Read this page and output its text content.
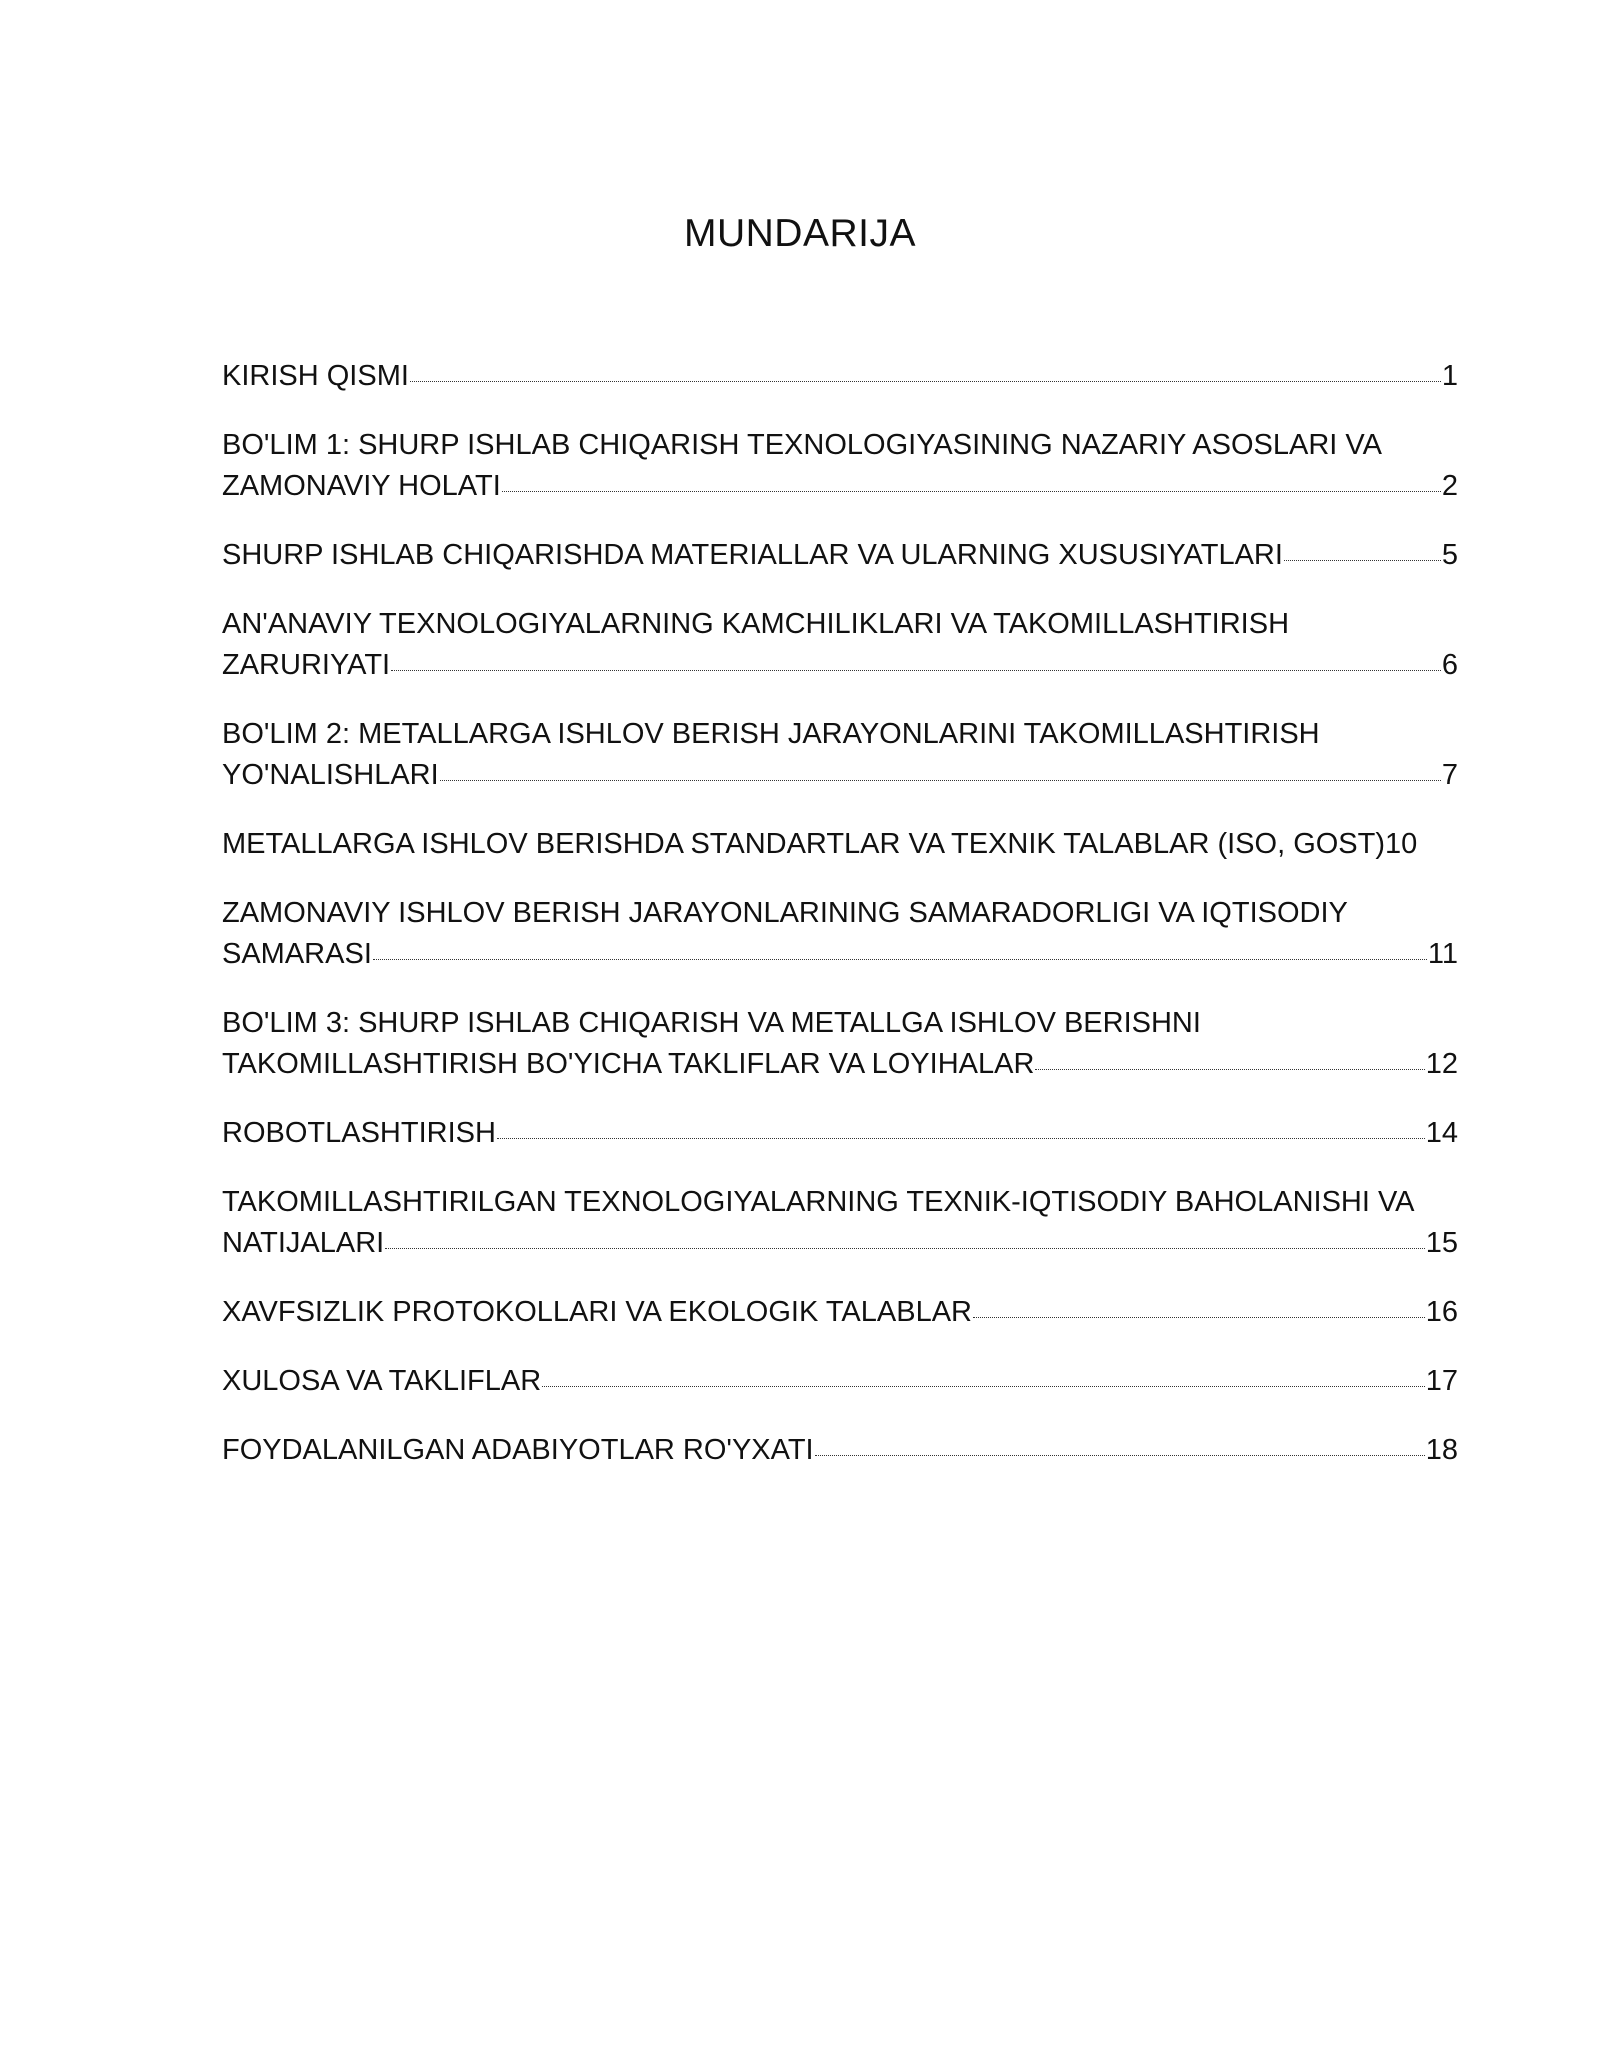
MUNDARIJA
KIRISH QISMI	1
BO'LIM 1: SHURP ISHLAB CHIQARISH TEXNOLOGIYASINING NAZARIY ASOSLARI VA
ZAMONAVIY HOLATI	2
SHURP ISHLAB CHIQARISHDA MATERIALLAR VA ULARNING XUSUSIYATLARI	5
AN'ANAVIY TEXNOLOGIYALARNING KAMCHILIKLARI VA TAKOMILLASHTIRISH
ZARURIYATI	6
BO'LIM 2: METALLARGA ISHLOV BERISH JARAYONLARINI TAKOMILLASHTIRISH
YO'NALISHLARI	7
METALLARGA ISHLOV BERISHDA STANDARTLAR VA TEXNIK TALABLAR (ISO, GOST) 10
ZAMONAVIY ISHLOV BERISH JARAYONLARINING SAMARADORLIGI VA IQTISODIY
SAMARASI	11
BO'LIM 3: SHURP ISHLAB CHIQARISH VA METALLGA ISHLOV BERISHNI
TAKOMILLASHTIRISH BO'YICHA TAKLIFLAR VA LOYIHALAR	12
ROBOTLASHTIRISH	14
TAKOMILLASHTIRILGAN TEXNOLOGIYALARNING TEXNIK-IQTISODIY BAHOLANISHI VA
NATIJALARI	15
XAVFSIZLIK PROTOKOLLARI VA EKOLOGIK TALABLAR	16
XULOSA VA TAKLIFLAR	17
FOYDALANILGAN ADABIYOTLAR RO'YXATI	18
